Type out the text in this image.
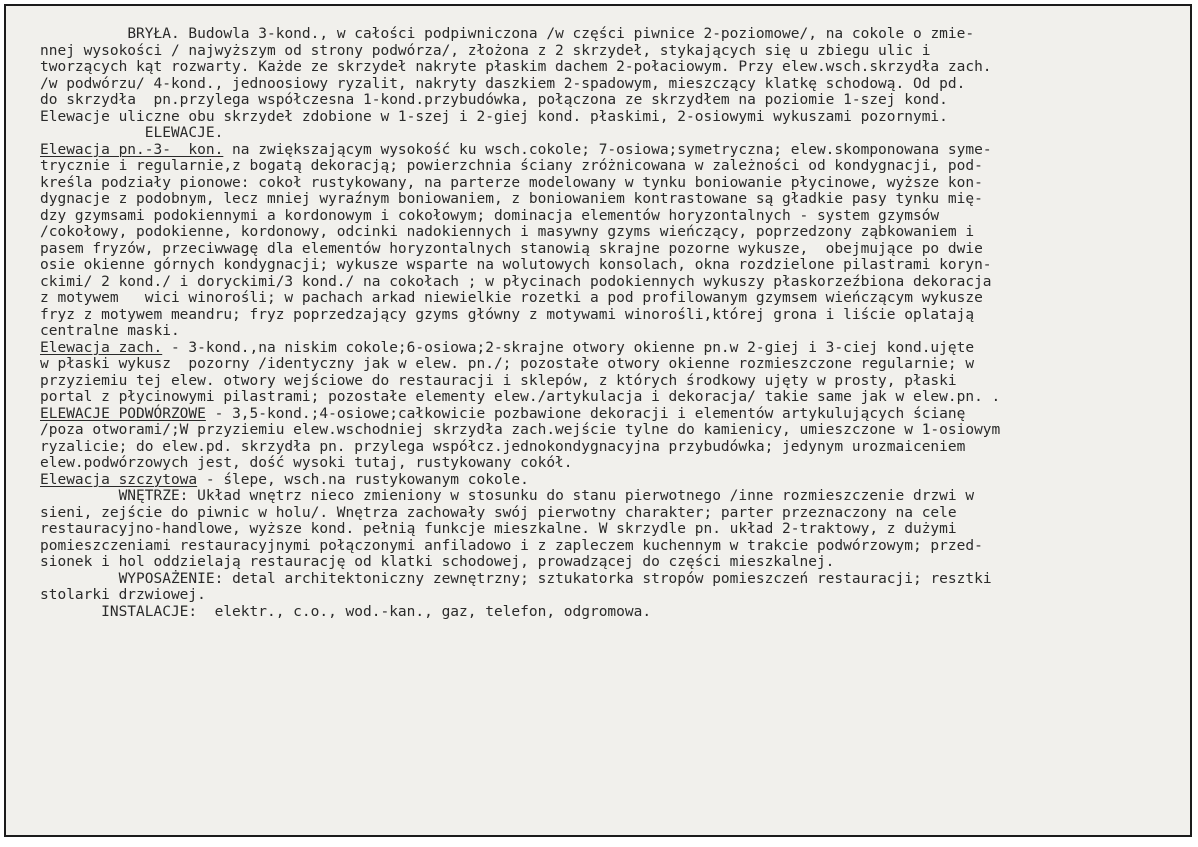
BRYŁA. Budowla 3-kond., w całości podpiwniczona /w części piwnice 2-poziomowe/, na cokole o zmie-
nnej wysokości / najwyższym od strony podwórza/, złożona z 2 skrzydeł, stykających się u zbiegu ulic i
tworzących kąt rozwarty. Każde ze skrzydeł nakryte płaskim dachem 2-połaciowym. Przy elew.wsch.skrzydła zach.
/w podwórzu/ 4-kond., jednoosiowy ryzalit, nakryty daszkiem 2-spadowym, mieszczący klatkę schodową. Od pd.
do skrzydła  pn.przylega współczesna 1-kond.przybudówka, połączona ze skrzydłem na poziomie 1-szej kond.
Elewacje uliczne obu skrzydeł zdobione w 1-szej i 2-giej kond. płaskimi, 2-osiowymi wykuszami pozornymi.
ELEWACJE.
Elewacja pn.-3-  kon. na zwiększającym wysokość ku wsch.cokole; 7-osiowa;symetryczna; elew.skomponowana syme-
trycznie i regularnie,z bogatą dekoracją; powierzchnia ściany zróżnicowana w zależności od kondygnacji, pod-
kreśla podziały pionowe: cokoł rustykowany, na parterze modelowany w tynku boniowanie płycinowe, wyższe kon-
dygnacje z podobnym, lecz mniej wyraźnym boniowaniem, z boniowaniem kontrastowane są gładkie pasy tynku mię-
dzy gzymsami podokiennymi a kordonowym i cokołowym; dominacja elementów horyzontalnych - system gzymsów
/cokołowy, podokienne, kordonowy, odcinki nadokiennych i masywny gzyms wieńczący, poprzedzony ząbkowaniem i
pasem fryzów, przeciwwagę dla elementów horyzontalnych stanowią skrajne pozorne wykusze,  obejmujące po dwie
osie okienne górnych kondygnacji; wykusze wsparte na wolutowych konsolach, okna rozdzielone pilastrami koryn-
ckimi/ 2 kond./ i doryckimi/3 kond./ na cokołach ; w płycinach podokiennych wykuszy płaskorzeźbiona dekoracja
z motywem   wici winorośli; w pachach arkad niewielkie rozetki a pod profilowanym gzymsem wieńczącym wykusze
fryz z motywem meandru; fryz poprzedzający gzyms główny z motywami winorośli,której grona i liście oplatają
centralne maski.
Elewacja zach. - 3-kond.,na niskim cokole;6-osiowa;2-skrajne otwory okienne pn.w 2-giej i 3-ciej kond.ujęte
w płaski wykusz  pozorny /identyczny jak w elew. pn./; pozostałe otwory okienne rozmieszczone regularnie; w
przyziemiu tej elew. otwory wejściowe do restauracji i sklepów, z których środkowy ujęty w prosty, płaski
portal z płycinowymi pilastrami; pozostałe elementy elew./artykulacja i dekoracja/ takie same jak w elew.pn. .
ELEWACJE PODWÓRZOWE - 3,5-kond.;4-osiowe;całkowicie pozbawione dekoracji i elementów artykulujących ścianę
/poza otworami/;W przyziemiu elew.wschodniej skrzydła zach.wejście tylne do kamienicy, umieszczone w 1-osiowym
ryzalicie; do elew.pd. skrzydła pn. przylega współcz.jednokondygnacyjna przybudówka; jedynym urozmaiceniem
elew.podwórzowych jest, dość wysoki tutaj, rustykowany cokół.
Elewacja szczytowa - ślepe, wsch.na rustykowanym cokole.
WNĘTRZE: Układ wnętrz nieco zmieniony w stosunku do stanu pierwotnego /inne rozmieszczenie drzwi w
sieni, zejście do piwnic w holu/. Wnętrza zachowały swój pierwotny charakter; parter przeznaczony na cele
restauracyjno-handlowe, wyższe kond. pełnią funkcje mieszkalne. W skrzydle pn. układ 2-traktowy, z dużymi
pomieszczeniami restauracyjnymi połączonymi anfiladowo i z zapleczem kuchennym w trakcie podwórzowym; przed-
sionek i hol oddzielają restaurację od klatki schodowej, prowadzącej do części mieszkalnej.
WYPOSAŻENIE: detal architektoniczny zewnętrzny; sztukatorka stropów pomieszczeń restauracji; resztki
stolarki drzwiowej.
INSTALACJE:  elektr., c.o., wod.-kan., gaz, telefon, odgromowa.
